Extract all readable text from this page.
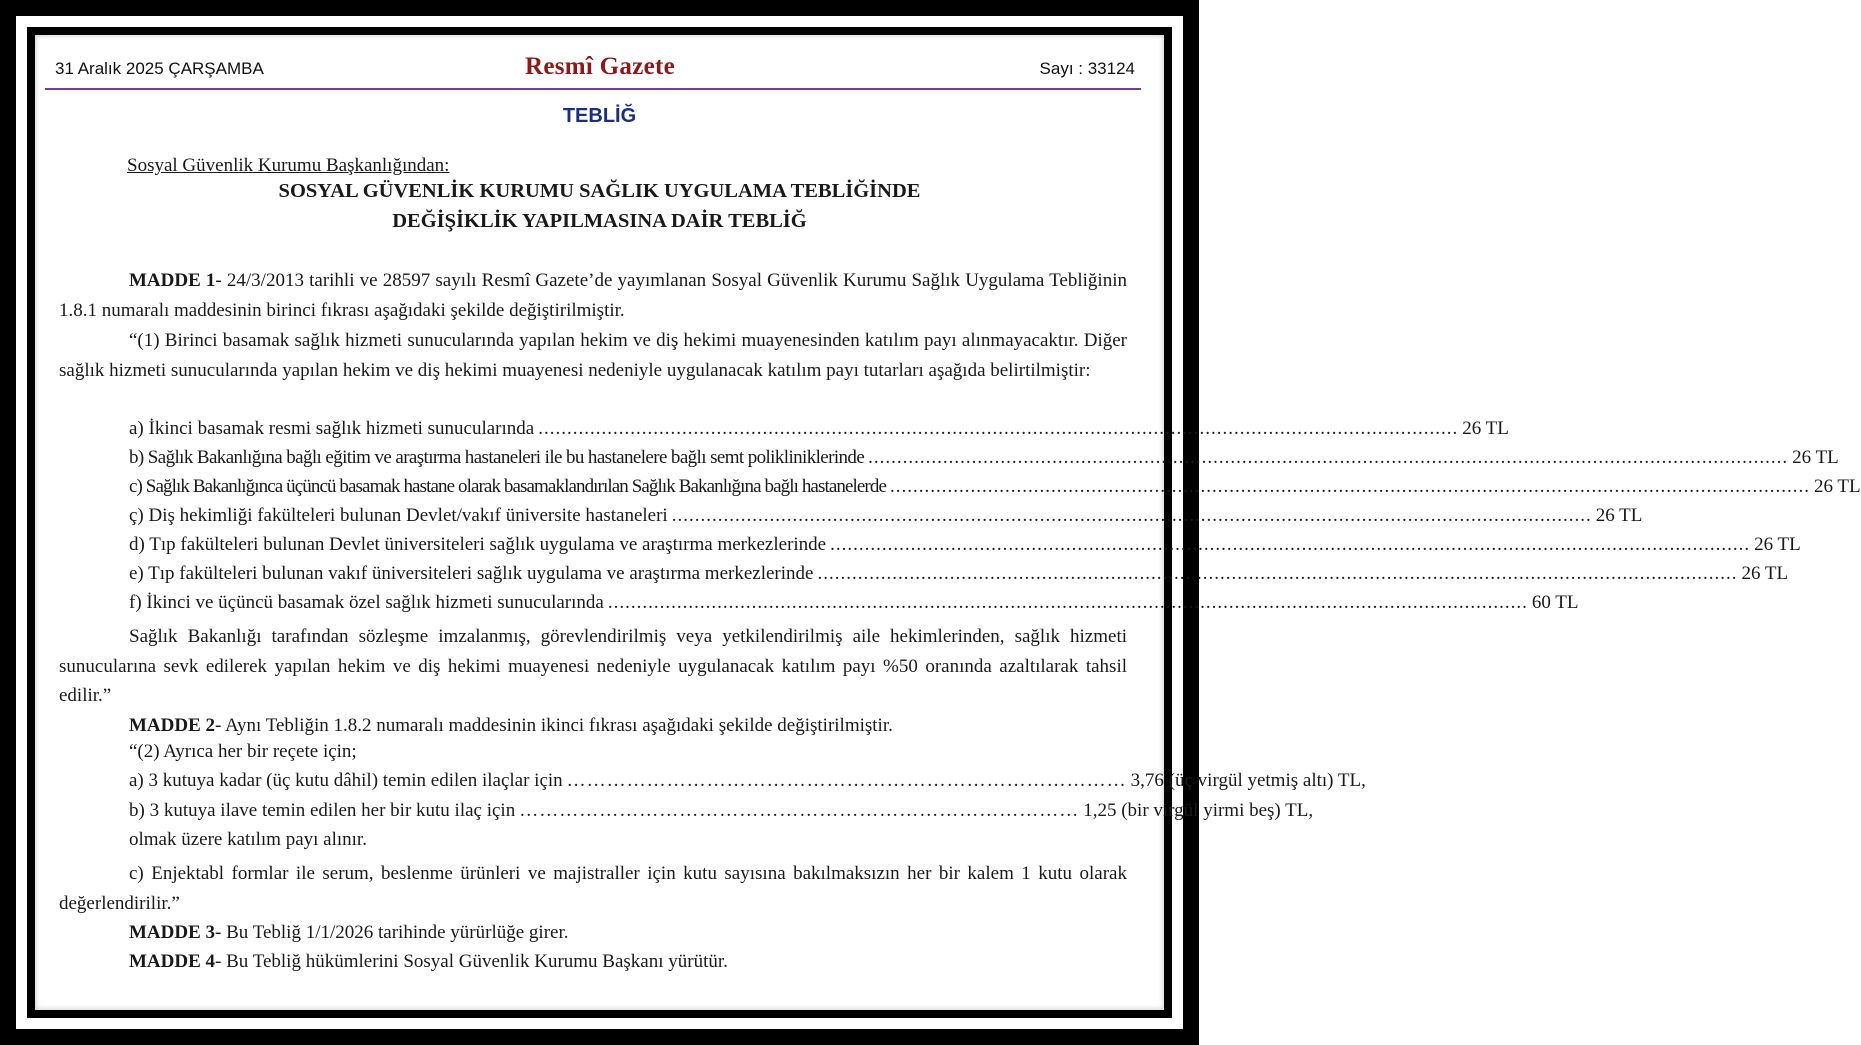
31 Aralık 2025 ÇARŞAMBA	Resmî Gazete	Sayı : 33124
TEBLİĞ
Sosyal Güvenlik Kurumu Başkanlığından:
SOSYAL GÜVENLİK KURUMU SAĞLIK UYGULAMA TEBLİĞİNDE
DEĞİŞİKLİK YAPILMASINA DAİR TEBLİĞ
MADDE 1- 24/3/2013 tarihli ve 28597 sayılı Resmî Gazete’de yayımlanan Sosyal Güvenlik Kurumu Sağlık Uygulama Tebliğinin 1.8.1 numaralı maddesinin birinci fıkrası aşağıdaki şekilde değiştirilmiştir.
“(1) Birinci basamak sağlık hizmeti sunucularında yapılan hekim ve diş hekimi muayenesinden katılım payı alınmayacaktır. Diğer sağlık hizmeti sunucularında yapılan hekim ve diş hekimi muayenesi nedeniyle uygulanacak katılım payı tutarları aşağıda belirtilmiştir:
a) İkinci basamak resmi sağlık hizmeti sunucularında ................................................................................................................................................................ 26 TL
b) Sağlık Bakanlığına bağlı eğitim ve araştırma hastaneleri ile bu hastanelere bağlı semt polikliniklerinde ................................................................................................................................................................ 26 TL
c) Sağlık Bakanlığınca üçüncü basamak hastane olarak basamaklandırılan Sağlık Bakanlığına bağlı hastanelerde ................................................................................................................................................................ 26 TL
ç) Diş hekimliği fakülteleri bulunan Devlet/vakıf üniversite hastaneleri ................................................................................................................................................................ 26 TL
d) Tıp fakülteleri bulunan Devlet üniversiteleri sağlık uygulama ve araştırma merkezlerinde ................................................................................................................................................................ 26 TL
e) Tıp fakülteleri bulunan vakıf üniversiteleri sağlık uygulama ve araştırma merkezlerinde ................................................................................................................................................................ 26 TL
f) İkinci ve üçüncü basamak özel sağlık hizmeti sunucularında ................................................................................................................................................................ 60 TL
Sağlık Bakanlığı tarafından sözleşme imzalanmış, görevlendirilmiş veya yetkilendirilmiş aile hekimlerinden, sağlık hizmeti sunucularına sevk edilerek yapılan hekim ve diş hekimi muayenesi nedeniyle uygulanacak katılım payı %50 oranında azaltılarak tahsil edilir.”
MADDE 2- Aynı Tebliğin 1.8.2 numaralı maddesinin ikinci fıkrası aşağıdaki şekilde değiştirilmiştir.
“(2) Ayrıca her bir reçete için;
a) 3 kutuya kadar (üç kutu dâhil) temin edilen ilaçlar için ………………………………………………………………………… 3,76 (üç virgül yetmiş altı) TL,
b) 3 kutuya ilave temin edilen her bir kutu ilaç için ………………………………………………………………………… 1,25 (bir virgül yirmi beş) TL,
olmak üzere katılım payı alınır.
c) Enjektabl formlar ile serum, beslenme ürünleri ve majistraller için kutu sayısına bakılmaksızın her bir kalem 1 kutu olarak değerlendirilir.”
MADDE 3- Bu Tebliğ 1/1/2026 tarihinde yürürlüğe girer.
MADDE 4- Bu Tebliğ hükümlerini Sosyal Güvenlik Kurumu Başkanı yürütür.
